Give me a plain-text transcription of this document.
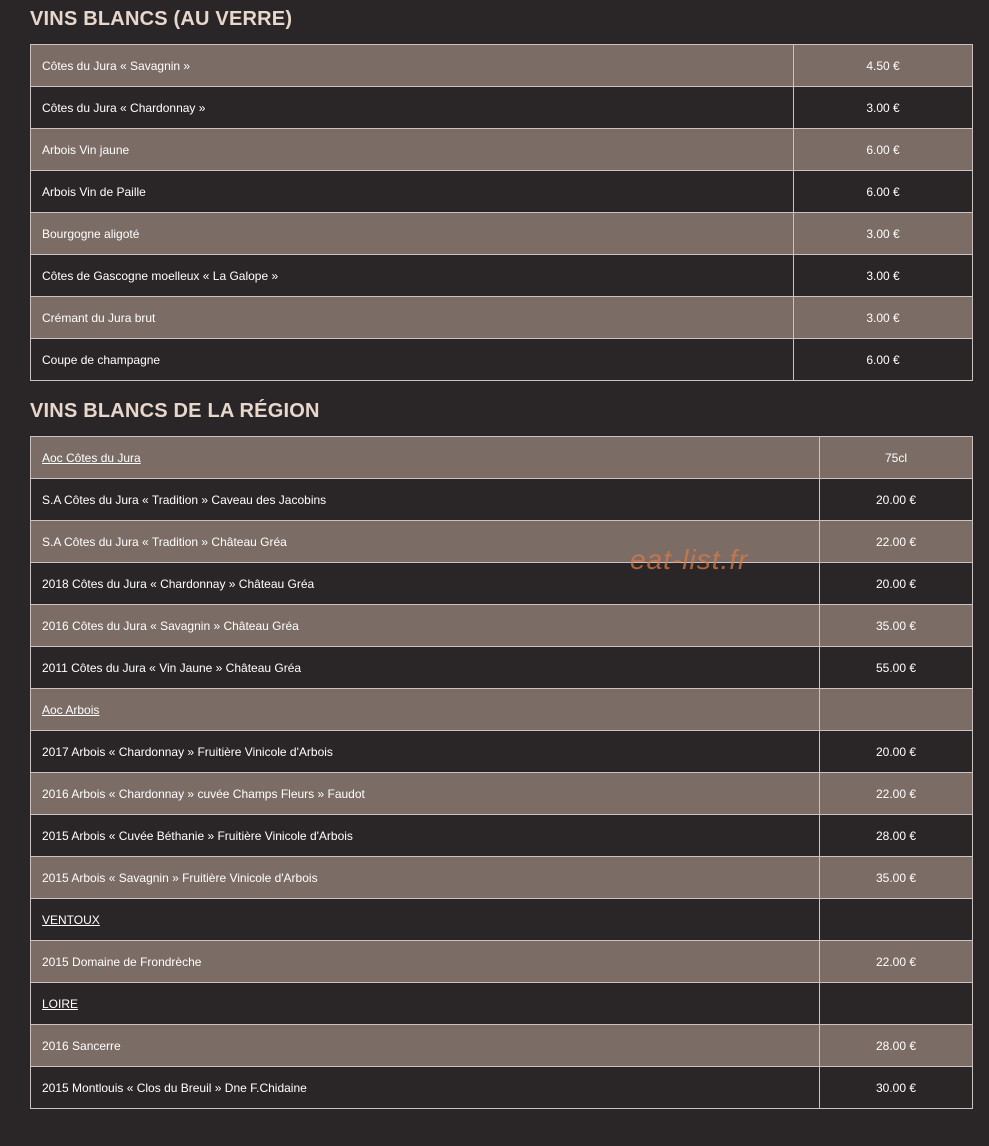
VINS BLANCS (AU VERRE)
Côtes du Jura « Savagnin »	4.50 €
Côtes du Jura « Chardonnay »	3.00 €
Arbois Vin jaune	6.00 €
Arbois Vin de Paille	6.00 €
Bourgogne aligoté	3.00 €
Côtes de Gascogne moelleux « La Galope »	3.00 €
Crémant du Jura brut	3.00 €
Coupe de champagne	6.00 €
VINS BLANCS DE LA RÉGION
Aoc Côtes du Jura	75cl
S.A Côtes du Jura « Tradition » Caveau des Jacobins	20.00 €
S.A Côtes du Jura « Tradition » Château Gréa	22.00 €
2018 Côtes du Jura « Chardonnay » Château Gréa	20.00 €
2016 Côtes du Jura « Savagnin » Château Gréa	35.00 €
2011 Côtes du Jura « Vin Jaune » Château Gréa	55.00 €
Aoc Arbois	
2017 Arbois « Chardonnay » Fruitière Vinicole d'Arbois	20.00 €
2016 Arbois « Chardonnay » cuvée Champs Fleurs » Faudot	22.00 €
2015 Arbois « Cuvée Béthanie » Fruitière Vinicole d'Arbois	28.00 €
2015 Arbois « Savagnin » Fruitière Vinicole d'Arbois	35.00 €
VENTOUX	
2015 Domaine de Frondrèche	22.00 €
LOIRE	
2016 Sancerre	28.00 €
2015 Montlouis « Clos du Breuil » Dne F.Chidaine	30.00 €
eat-list.fr
